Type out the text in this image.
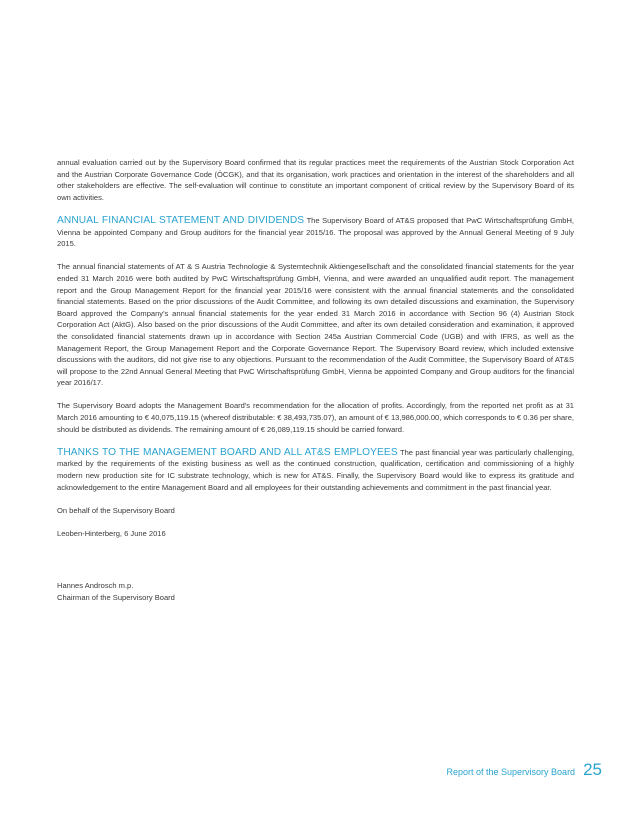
annual evaluation carried out by the Supervisory Board confirmed that its regular practices meet the requirements of the Austrian Stock Corporation Act and the Austrian Corporate Governance Code (ÖCGK), and that its organisation, work practices and orientation in the interest of the shareholders and all other stakeholders are effective. The self-evaluation will continue to constitute an important component of critical review by the Supervisory Board of its own activities.

ANNUAL FINANCIAL STATEMENT AND DIVIDENDS The Supervisory Board of AT&S proposed that PwC Wirtschaftsprüfung GmbH, Vienna be appointed Company and Group auditors for the financial year 2015/16. The proposal was approved by the Annual General Meeting of 9 July 2015.

The annual financial statements of AT & S Austria Technologie & Systemtechnik Aktiengesellschaft and the consolidated financial statements for the year ended 31 March 2016 were both audited by PwC Wirtschaftsprüfung GmbH, Vienna, and were awarded an unqualified audit report. The management report and the Group Management Report for the financial year 2015/16 were consistent with the annual financial statements and the consolidated financial statements. Based on the prior discussions of the Audit Committee, and following its own detailed discussions and examination, the Supervisory Board approved the Company's annual financial statements for the year ended 31 March 2016 in accordance with Section 96 (4) Austrian Stock Corporation Act (AktG). Also based on the prior discussions of the Audit Committee, and after its own detailed consideration and examination, it approved the consolidated financial statements drawn up in accordance with Section 245a Austrian Commercial Code (UGB) and with IFRS, as well as the Management Report, the Group Management Report and the Corporate Governance Report. The Supervisory Board review, which included extensive discussions with the auditors, did not give rise to any objections. Pursuant to the recommendation of the Audit Committee, the Supervisory Board of AT&S will propose to the 22nd Annual General Meeting that PwC Wirtschaftsprüfung GmbH, Vienna be appointed Company and Group auditors for the financial year 2016/17.

The Supervisory Board adopts the Management Board's recommendation for the allocation of profits. Accordingly, from the reported net profit as at 31 March 2016 amounting to € 40,075,119.15 (whereof distributable: € 38,493,735.07), an amount of € 13,986,000.00, which corresponds to € 0.36 per share, should be distributed as dividends. The remaining amount of € 26,089,119.15 should be carried forward.

THANKS TO THE MANAGEMENT BOARD AND ALL AT&S EMPLOYEES The past financial year was particularly challenging, marked by the requirements of the existing business as well as the continued construction, qualification, certification and commissioning of a highly modern new production site for IC substrate technology, which is new for AT&S. Finally, the Supervisory Board would like to express its gratitude and acknowledgement to the entire Management Board and all employees for their outstanding achievements and commitment in the past financial year.

On behalf of the Supervisory Board

Leoben-Hinterberg, 6 June 2016

Hannes Androsch m.p.

Chairman of the Supervisory Board

Report of the Supervisory Board 25
